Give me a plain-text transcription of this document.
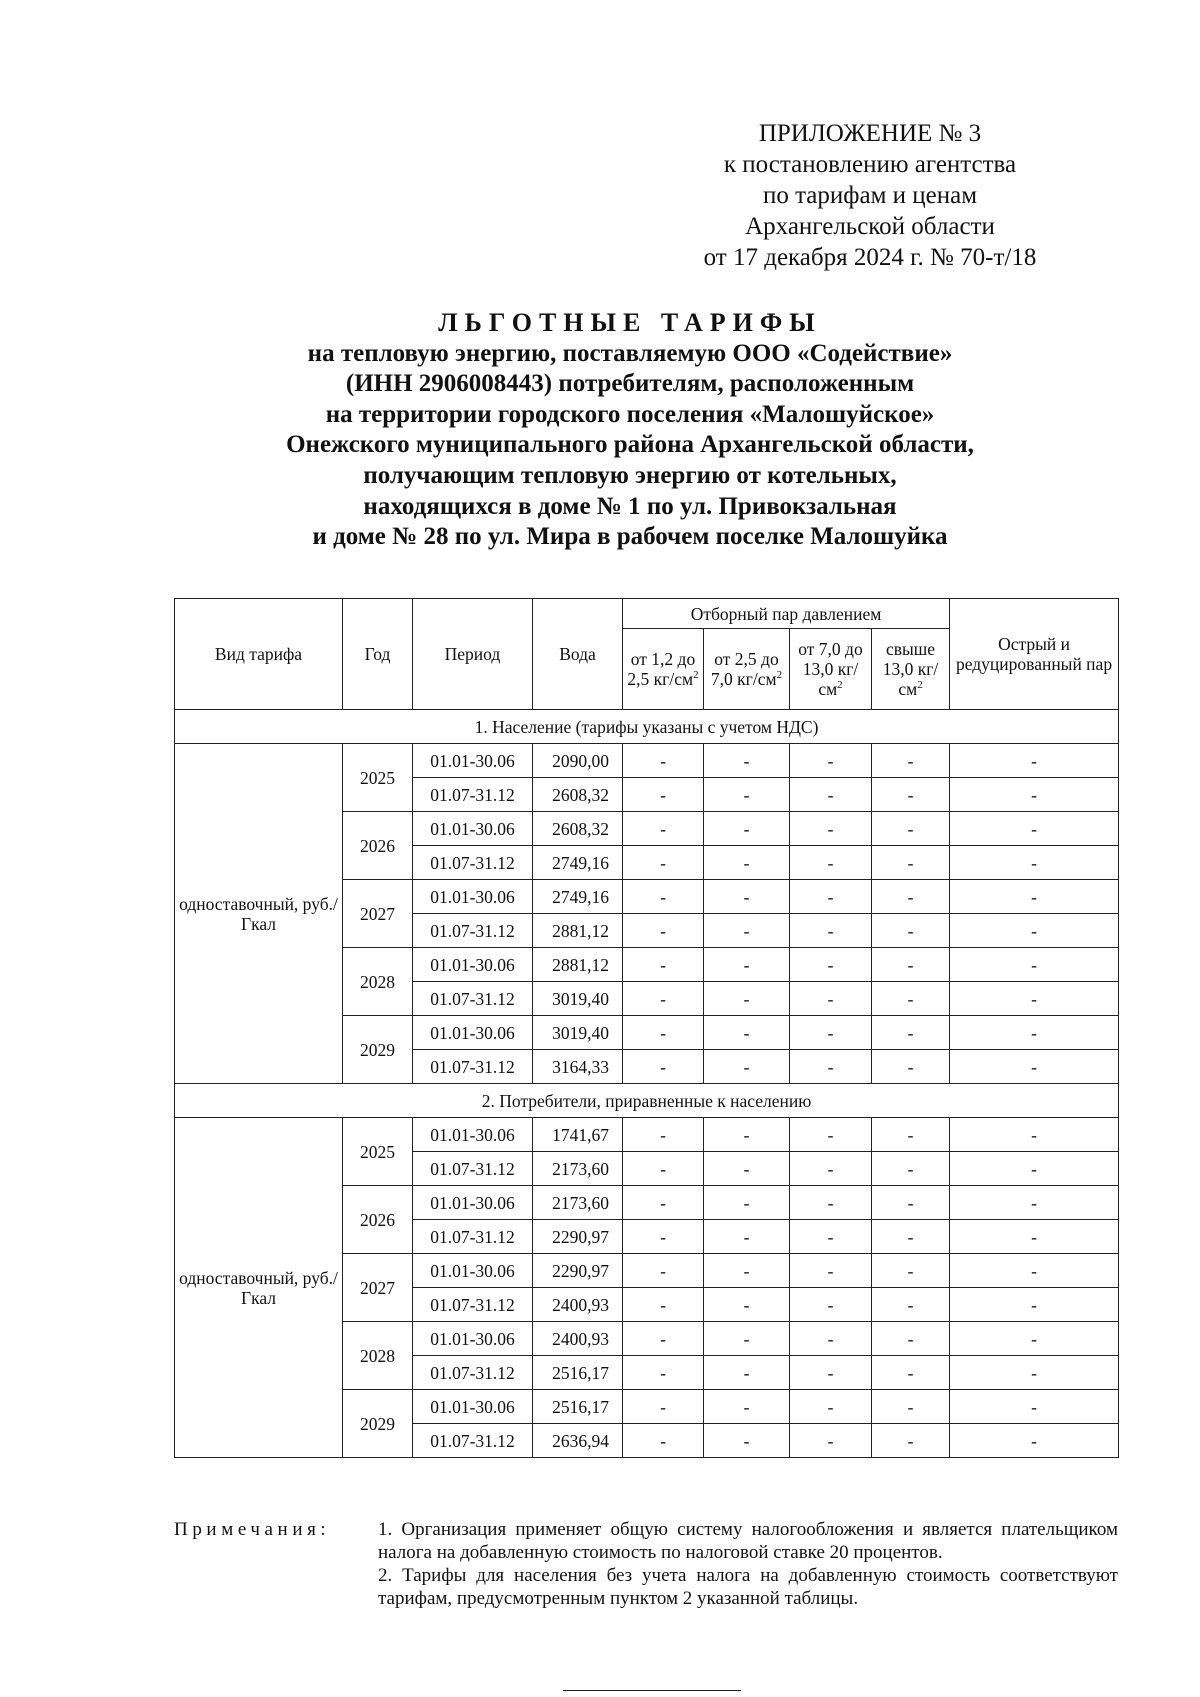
ПРИЛОЖЕНИЕ № 3
к постановлению агентства
по тарифам и ценам
Архангельской области
от 17 декабря 2024 г. № 70-т/18
ЛЬГОТНЫЕ ТАРИФЫ
на тепловую энергию, поставляемую ООО «Содействие»
(ИНН 2906008443) потребителям, расположенным
на территории городского поселения «Малошуйское»
Онежского муниципального района Архангельской области,
получающим тепловую энергию от котельных,
находящихся в доме № 1 по ул. Привокзальная
и доме № 28 по ул. Мира в рабочем поселке Малошуйка
Вид тарифа	Год	Период	Вода	Отборный пар давлением				Острый и редуцированный пар
				от 1,2 до 2,5 $кг/см^2$	от 2,5 до 7,0 $кг/см^2$	от 7,0 до 13,0 $кг/см^2$	свыше 13,0 $кг/см^2$
1. Население (тарифы указаны с учетом НДС)								
одноставочный, руб./Гкал	2025	01.01-30.06	2090,00	-	-	-	-	-
		01.07-31.12	2608,32	-	-	-	-	-
	2026	01.01-30.06	2608,32	-	-	-	-	-
		01.07-31.12	2749,16	-	-	-	-	-
	2027	01.01-30.06	2749,16	-	-	-	-	-
		01.07-31.12	2881,12	-	-	-	-	-
	2028	01.01-30.06	2881,12	-	-	-	-	-
		01.07-31.12	3019,40	-	-	-	-	-
	2029	01.01-30.06	3019,40	-	-	-	-	-
		01.07-31.12	3164,33	-	-	-	-	-
2. Потребители, приравненные к населению								
одноставочный, руб./Гкал	2025	01.01-30.06	1741,67	-	-	-	-	-
		01.07-31.12	2173,60	-	-	-	-	-
	2026	01.01-30.06	2173,60	-	-	-	-	-
		01.07-31.12	2290,97	-	-	-	-	-
	2027	01.01-30.06	2290,97	-	-	-	-	-
		01.07-31.12	2400,93	-	-	-	-	-
	2028	01.01-30.06	2400,93	-	-	-	-	-
		01.07-31.12	2516,17	-	-	-	-	-
	2029	01.01-30.06	2516,17	-	-	-	-	-
		01.07-31.12	2636,94	-	-	-	-	-
Примечания:	1. Организация применяет общую систему налогообложения и является плательщиком налога на добавленную стоимость по налоговой ставке 20 процентов.

2. Тарифы для населения без учета налога на добавленную стоимость соответствуют тарифам, предусмотренным пунктом 2 указанной таблицы.
